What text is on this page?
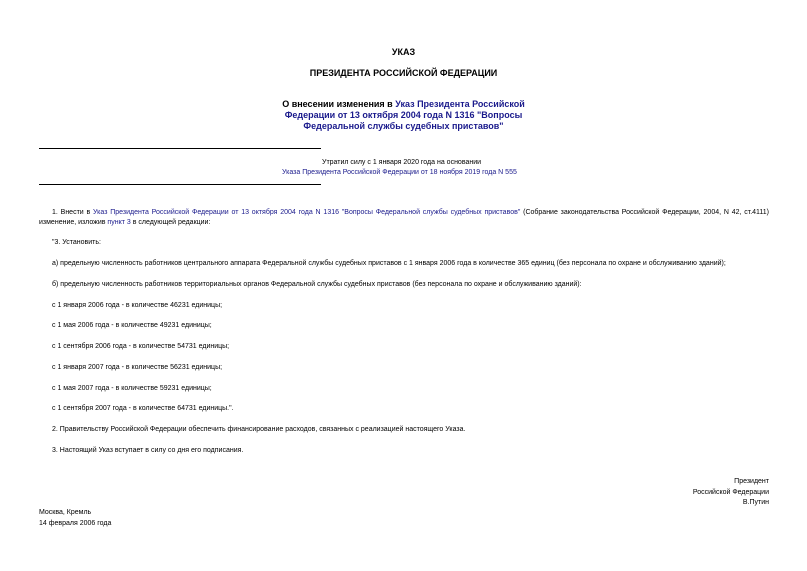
УКАЗ
ПРЕЗИДЕНТА РОССИЙСКОЙ ФЕДЕРАЦИИ
О внесении изменения в Указ Президента Российской
Федерации от 13 октября 2004 года N 1316 "Вопросы
Федеральной службы судебных приставов"
Утратил силу с 1 января 2020 года на основании
Указа Президента Российской Федерации от 18 ноября 2019 года N 555
1. Внести в Указ Президента Российской Федерации от 13 октября 2004 года N 1316 "Вопросы Федеральной службы судебных приставов" (Собрание законодательства Российской Федерации, 2004, N 42, ст.4111) изменение, изложив пункт 3 в следующей редакции:
"3. Установить:
а) предельную численность работников центрального аппарата Федеральной службы судебных приставов с 1 января 2006 года в количестве 365 единиц (без персонала по охране и обслуживанию зданий);
б) предельную численность работников территориальных органов Федеральной службы судебных приставов (без персонала по охране и обслуживанию зданий):
с 1 января 2006 года - в количестве 46231 единицы;
с 1 мая 2006 года - в количестве 49231 единицы;
с 1 сентября 2006 года - в количестве 54731 единицы;
с 1 января 2007 года - в количестве 56231 единицы;
с 1 мая 2007 года - в количестве 59231 единицы;
с 1 сентября 2007 года - в количестве 64731 единицы.".
2. Правительству Российской Федерации обеспечить финансирование расходов, связанных с реализацией настоящего Указа.
3. Настоящий Указ вступает в силу со дня его подписания.
Президент
Российской Федерации
В.Путин
Москва, Кремль
14 февраля 2006 года
